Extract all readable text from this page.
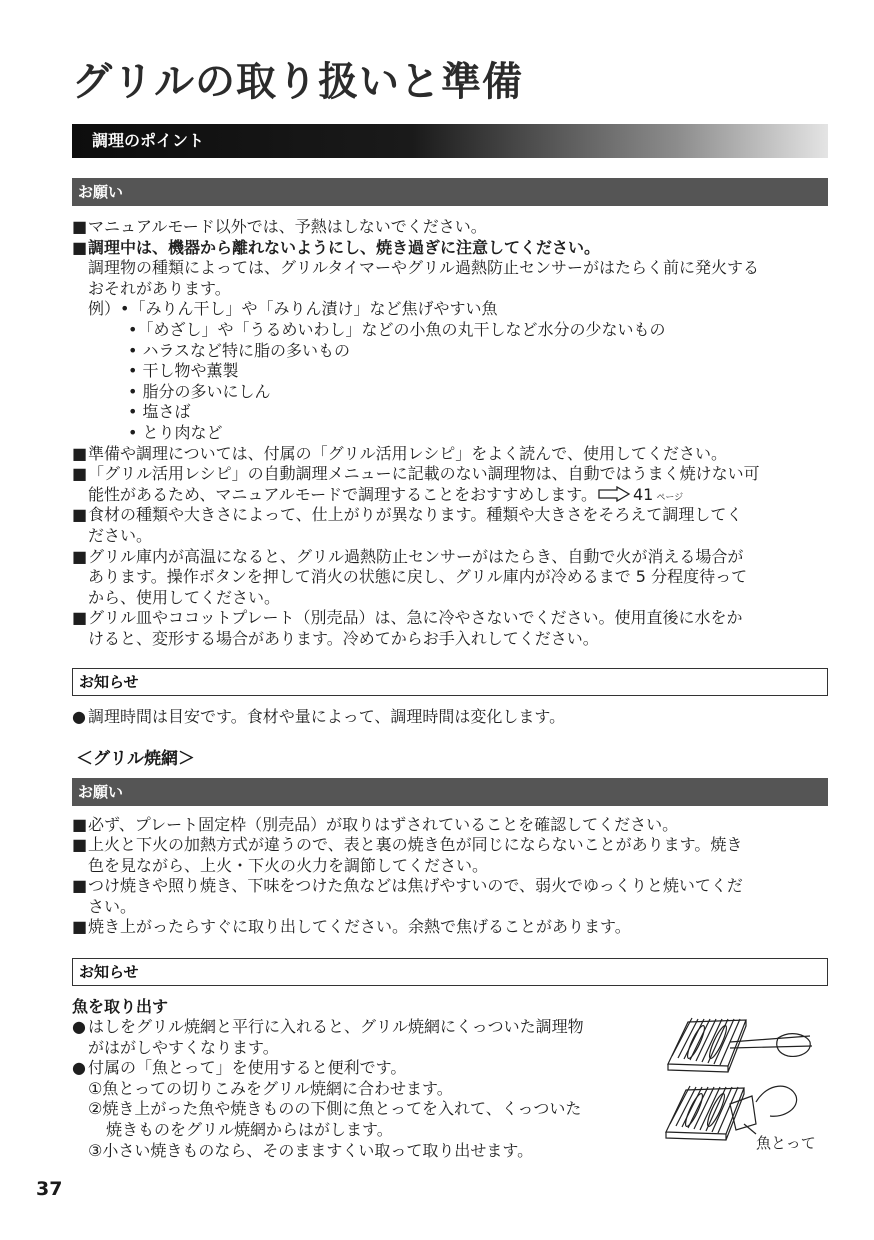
グリルの取り扱いと準備
調理のポイント
お願い
■マニュアルモード以外では、予熱はしないでください。
■調理中は、機器から離れないようにし、焼き過ぎに注意してください。
調理物の種類によっては、グリルタイマーやグリル過熱防止センサーがはたらく前に発火する
おそれがあります。
例）•「みりん干し」や「みりん漬け」など焦げやすい魚
•「めざし」や「うるめいわし」などの小魚の丸干しなど水分の少ないもの
• ハラスなど特に脂の多いもの
• 干し物や薫製
• 脂分の多いにしん
• 塩さば
• とり肉など
■準備や調理については、付属の「グリル活用レシピ」をよく読んで、使用してください。
■「グリル活用レシピ」の自動調理メニューに記載のない調理物は、自動ではうまく焼けない可
能性があるため、マニュアルモードで調理することをおすすめします。 41 ページ
■食材の種類や大きさによって、仕上がりが異なります。種類や大きさをそろえて調理してく
ださい。
■グリル庫内が高温になると、グリル過熱防止センサーがはたらき、自動で火が消える場合が
あります。操作ボタンを押して消火の状態に戻し、グリル庫内が冷めるまで 5 分程度待って
から、使用してください。
■グリル皿やココットプレート（別売品）は、急に冷やさないでください。使用直後に水をか
けると、変形する場合があります。冷めてからお手入れしてください。
お知らせ
● 調理時間は目安です。食材や量によって、調理時間は変化します。
＜グリル焼網＞
お願い
■必ず、プレート固定枠（別売品）が取りはずされていることを確認してください。
■上火と下火の加熱方式が違うので、表と裏の焼き色が同じにならないことがあります。焼き
色を見ながら、上火・下火の火力を調節してください。
■つけ焼きや照り焼き、下味をつけた魚などは焦げやすいので、弱火でゆっくりと焼いてくだ
さい。
■焼き上がったらすぐに取り出してください。余熱で焦げることがあります。
お知らせ
魚を取り出す
● はしをグリル焼網と平行に入れると、グリル焼網にくっついた調理物
がはがしやすくなります。
● 付属の「魚とって」を使用すると便利です。
①魚とっての切りこみをグリル焼網に合わせます。
②焼き上がった魚や焼きものの下側に魚とってを入れて、くっついた
焼きものをグリル焼網からはがします。
③小さい焼きものなら、そのまますくい取って取り出せます。	魚とって
37
